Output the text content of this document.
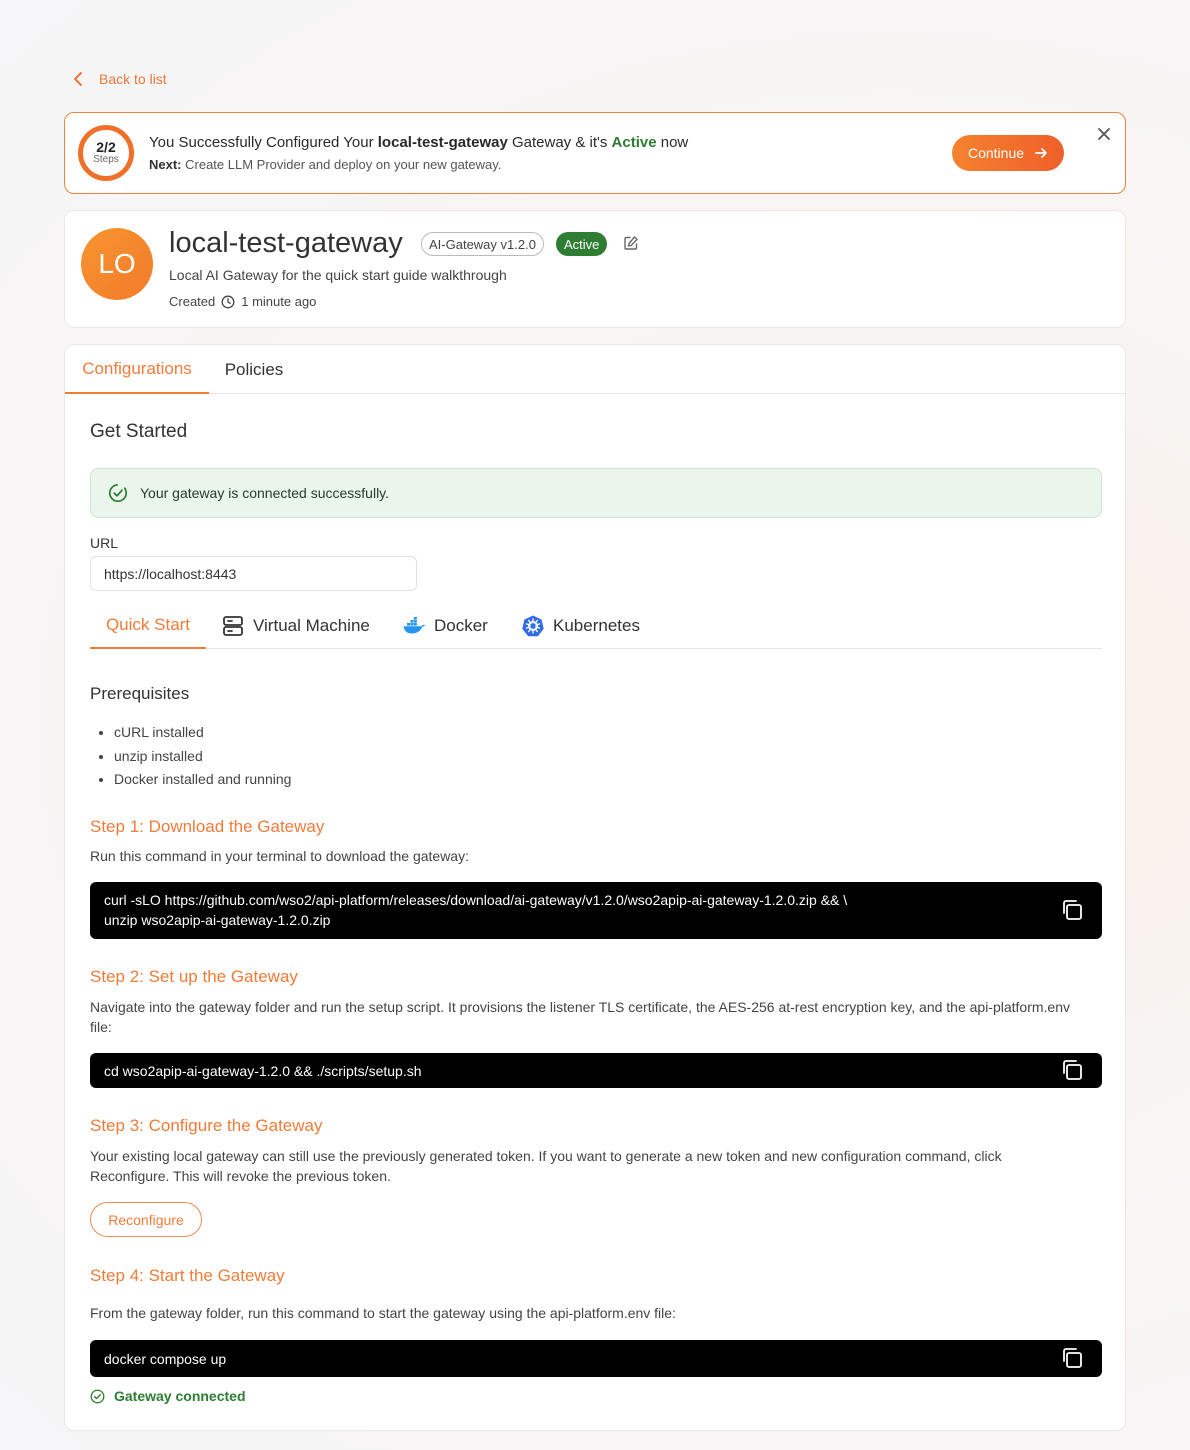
Back to list
2/2
Steps
You Successfully Configured Your local-test-gateway Gateway & it's Active now
Next: Create LLM Provider and deploy on your new gateway.
Continue
LO
local-test-gateway	AI-Gateway v1.2.0	Active
Local AI Gateway for the quick start guide walkthrough
Created 1 minute ago
Configurations	Policies
Get Started
Your gateway is connected successfully.
URL
https://localhost:8443
Quick Start	Virtual Machine	Docker	Kubernetes
Prerequisites
• cURL installed
• unzip installed
• Docker installed and running
Step 1: Download the Gateway
Run this command in your terminal to download the gateway:
curl -sLO https://github.com/wso2/api-platform/releases/download/ai-gateway/v1.2.0/wso2apip-ai-gateway-1.2.0.zip && \
unzip wso2apip-ai-gateway-1.2.0.zip
Step 2: Set up the Gateway
Navigate into the gateway folder and run the setup script. It provisions the listener TLS certificate, the AES-256 at-rest encryption key, and the api-platform.env file:
cd wso2apip-ai-gateway-1.2.0 && ./scripts/setup.sh
Step 3: Configure the Gateway
Your existing local gateway can still use the previously generated token. If you want to generate a new token and new configuration command, click Reconfigure. This will revoke the previous token.
Reconfigure
Step 4: Start the Gateway
From the gateway folder, run this command to start the gateway using the api-platform.env file:
docker compose up
Gateway connected
